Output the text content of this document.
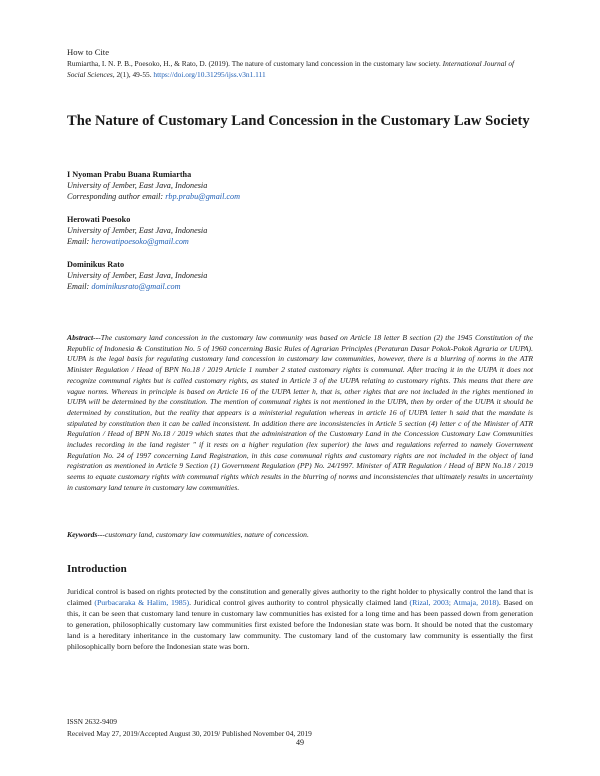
How to Cite
Rumiartha, I. N. P. B., Poesoko, H., & Rato, D. (2019). The nature of customary land concession in the customary law society. International Journal of Social Sciences, 2(1), 49-55. https://doi.org/10.31295/ijss.v3n1.111
The Nature of Customary Land Concession in the Customary Law Society
I Nyoman Prabu Buana Rumiartha
University of Jember, East Java, Indonesia
Corresponding author email: rbp.prabu@gmail.com
Herowati Poesoko
University of Jember, East Java, Indonesia
Email: herowatipoesoko@gmail.com
Dominikus Rato
University of Jember, East Java, Indonesia
Email: dominikusrato@gmail.com
Abstract---The customary land concession in the customary law community was based on Article 18 letter B section (2) the 1945 Constitution of the Republic of Indonesia & Constitution No. 5 of 1960 concerning Basic Rules of Agrarian Principles (Peraturan Dasar Pokok-Pokok Agraria or UUPA). UUPA is the legal basis for regulating customary land concession in customary law communities, however, there is a blurring of norms in the ATR Minister Regulation / Head of BPN No.18 / 2019 Article 1 number 2 stated customary rights is communal. After tracing it in the UUPA it does not recognize communal rights but is called customary rights, as stated in Article 3 of the UUPA relating to customary rights. This means that there are vague norms. Whereas in principle is based on Article 16 of the UUPA letter h, that is, other rights that are not included in the rights mentioned in UUPA will be determined by the constitution. The mention of communal rights is not mentioned in the UUPA, then by order of the UUPA it should be determined by constitution, but the reality that appears is a ministerial regulation whereas in article 16 of UUPA letter h said that the mandate is stipulated by constitution then it can be called inconsistent. In addition there are inconsistencies in Article 5 section (4) letter c of the Minister of ATR Regulation / Head of BPN No.18 / 2019 which states that the administration of the Customary Land in the Concession Customary Law Communities includes recording in the land register " if it rests on a higher regulation (lex superior) the laws and regulations referred to namely Government Regulation No. 24 of 1997 concerning Land Registration, in this case communal rights and customary rights are not included in the object of land registration as mentioned in Article 9 Section (1) Government Regulation (PP) No. 24/1997. Minister of ATR Regulation / Head of BPN No.18 / 2019 seems to equate customary rights with communal rights which results in the blurring of norms and inconsistencies that ultimately results in uncertainty in customary land tenure in customary law communities.
Keywords---customary land, customary law communities, nature of concession.
Introduction
Juridical control is based on rights protected by the constitution and generally gives authority to the right holder to physically control the land that is claimed (Purbacaraka & Halim, 1985). Juridical control gives authority to control physically claimed land (Rizal, 2003; Atmaja, 2018). Based on this, it can be seen that customary land tenure in customary law communities has existed for a long time and has been passed down from generation to generation, philosophically customary law communities first existed before the Indonesian state was born. It should be noted that the customary land is a hereditary inheritance in the customary law community. The customary land of the customary law community is essentially the first philosophically born before the Indonesian state was born.
ISSN 2632-9409
Received May 27, 2019/Accepted August 30, 2019/ Published November 04, 2019
49
